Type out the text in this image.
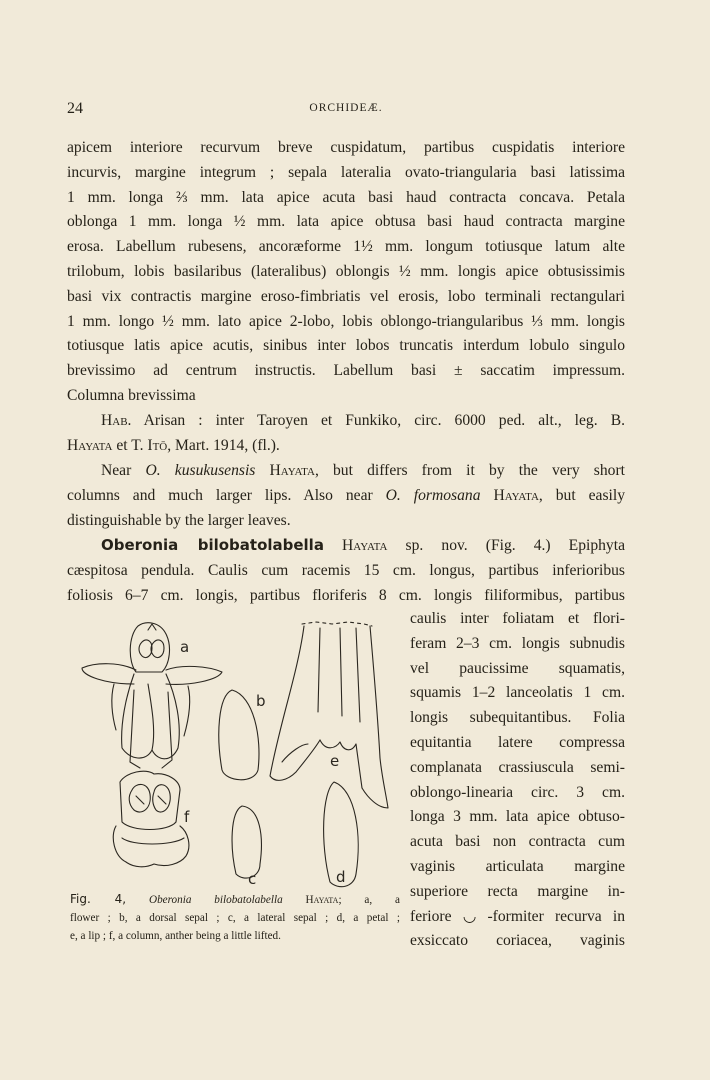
24	ORCHIDEÆ.
apicem interiore recurvum breve cuspidatum, partibus cuspidatis interiore
incurvis, margine integrum ; sepala lateralia ovato-triangularia basi latissima
1 mm. longa ⅔ mm. lata apice acuta basi haud contracta concava. Petala
oblonga 1 mm. longa ½ mm. lata apice obtusa basi haud contracta margine
erosa. Labellum rubesens, ancoræforme 1½ mm. longum totiusque latum alte
trilobum, lobis basilaribus (lateralibus) oblongis ½ mm. longis apice obtusissimis
basi vix contractis margine eroso-fimbriatis vel erosis, lobo terminali rectangulari
1 mm. longo ½ mm. lato apice 2-lobo, lobis oblongo-triangularibus ⅓ mm. longis
totiusque latis apice acutis, sinibus inter lobos truncatis interdum lobulo singulo
brevissimo ad centrum instructis. Labellum basi ± saccatim impressum.
Columna brevissima
Hab. Arisan : inter Taroyen et Funkiko, circ. 6000 ped. alt., leg. B.
Hayata et T. Itō, Mart. 1914, (fl.).
Near O. kusukusensis Hayata, but differs from it by the very short
columns and much larger lips. Also near O. formosana Hayata, but easily
distinguishable by the larger leaves.
Oberonia bilobatolabella Hayata sp. nov. (Fig. 4.) Epiphyta
cæspitosa pendula. Caulis cum racemis 15 cm. longus, partibus inferioribus
foliosis 6–7 cm. longis, partibus floriferis 8 cm. longis filiformibus, partibus
caulis inter foliatam et flori-
feram 2–3 cm. longis subnudis
vel paucissime squamatis,
squamis 1–2 lanceolatis 1 cm.
longis subequitantibus. Folia
equitantia latere compressa
complanata crassiuscula semi-
oblongo-linearia circ. 3 cm.
longa 3 mm. lata apice obtuso-
acuta basi non contracta cum
vaginis articulata margine
superiore recta margine in-
feriore ◡ -formiter recurva in
exsiccato coriacea, vaginis
a
b
c	d
e
f
Fig. 4, Oberonia bilobatolabella Hayata; a, a
flower ; b, a dorsal sepal ; c, a lateral sepal ; d, a petal ;
e, a lip ; f, a column, anther being a little lifted.
